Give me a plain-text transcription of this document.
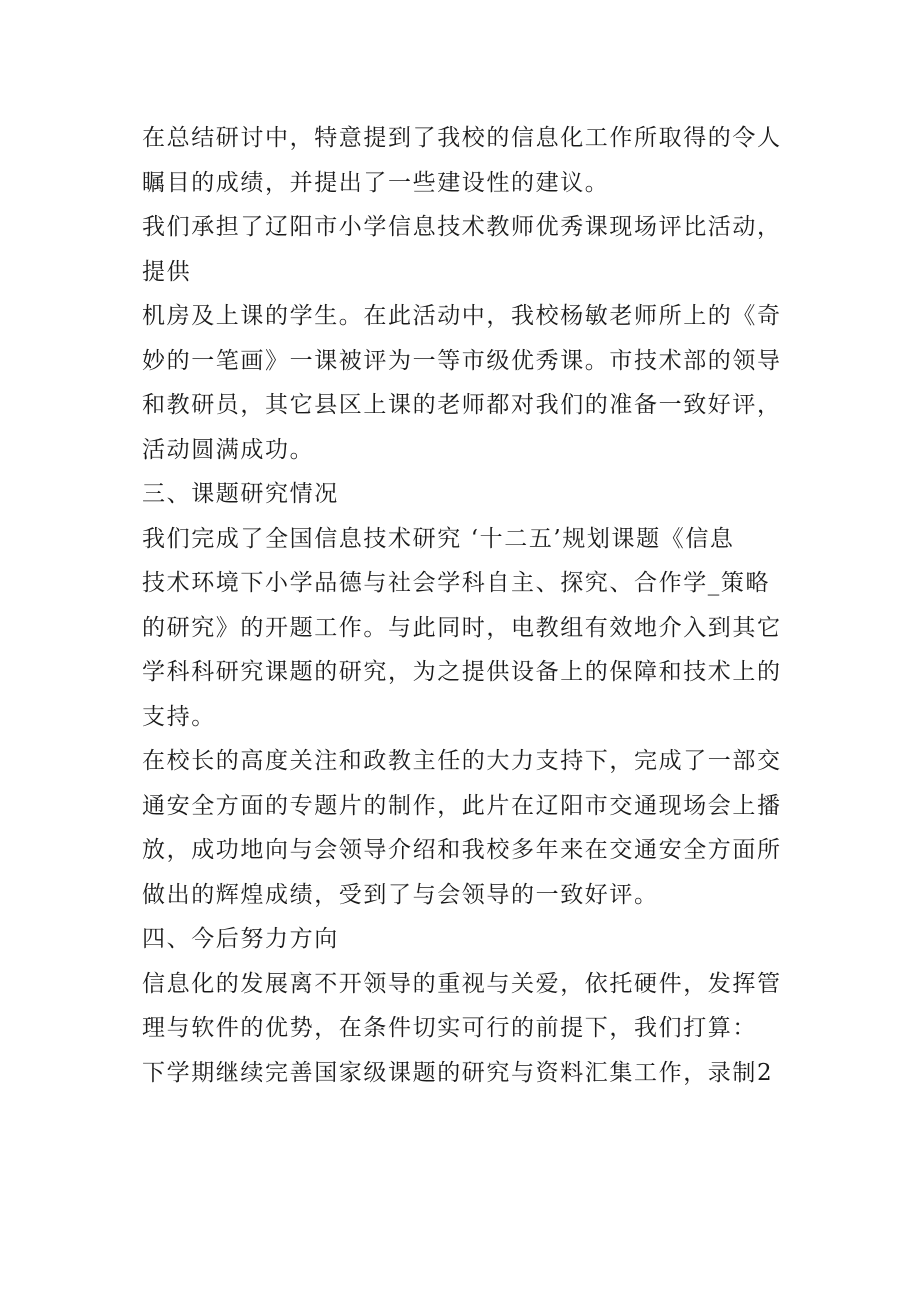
在总结研讨中，特意提到了我校的信息化工作所取得的令人
瞩目的成绩，并提出了一些建设性的建议。
我们承担了辽阳市小学信息技术教师优秀课现场评比活动，
提供
机房及上课的学生。在此活动中，我校杨敏老师所上的《奇
妙的一笔画》一课被评为一等市级优秀课。市技术部的领导
和教研员，其它县区上课的老师都对我们的准备一致好评，
活动圆满成功。
三、课题研究情况
我们完成了全国信息技术研究 ‘十二五’规划课题《信息
技术环境下小学品德与社会学科自主、探究、合作学_策略
的研究》的开题工作。与此同时，电教组有效地介入到其它
学科科研究课题的研究，为之提供设备上的保障和技术上的
支持。
在校长的高度关注和政教主任的大力支持下，完成了一部交
通安全方面的专题片的制作，此片在辽阳市交通现场会上播
放，成功地向与会领导介绍和我校多年来在交通安全方面所
做出的辉煌成绩，受到了与会领导的一致好评。
四、今后努力方向
信息化的发展离不开领导的重视与关爱，依托硬件，发挥管
理与软件的优势，在条件切实可行的前提下，我们打算：
下学期继续完善国家级课题的研究与资料汇集工作，录制2
